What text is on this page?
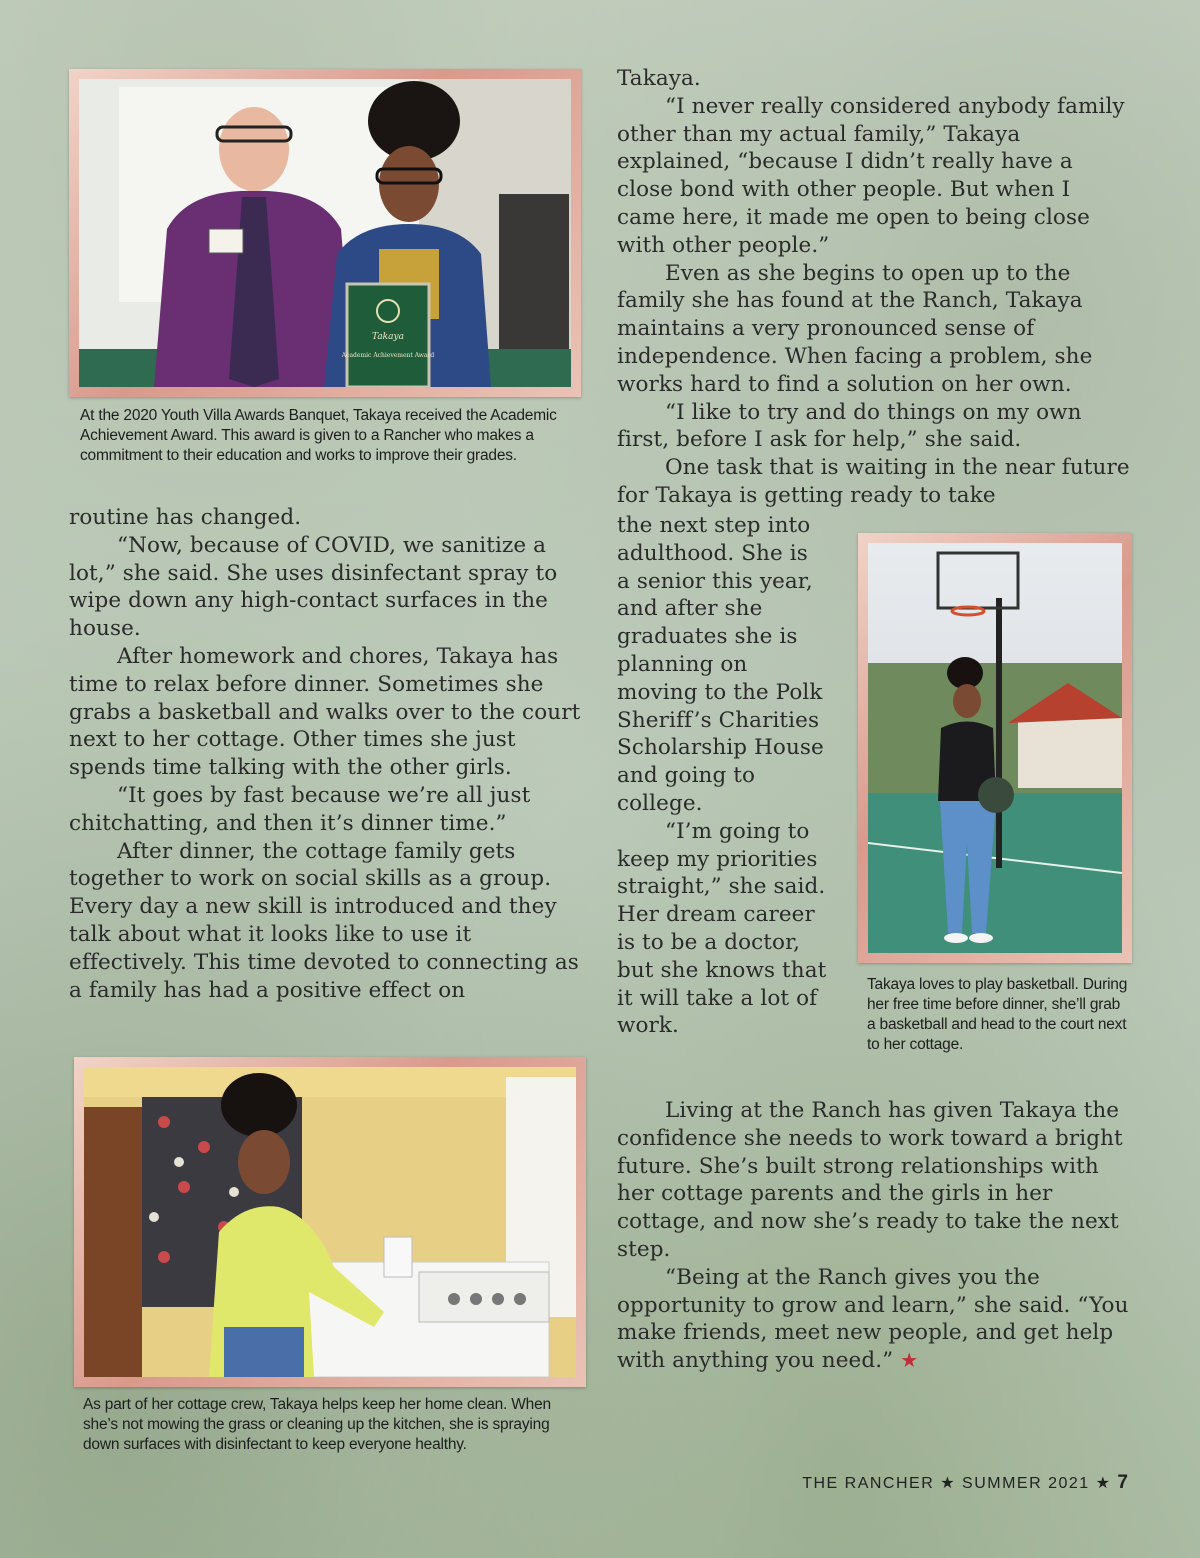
Takaya
Academic Achievement Award
At the 2020 Youth Villa Awards Banquet, Takaya received the Academic Achievement Award. This award is given to a Rancher who makes a commitment to their education and works to improve their grades.

routine has changed.

“Now, because of COVID, we sanitize a lot,” she said. She uses disinfectant spray to wipe down any high-contact surfaces in the house.

After homework and chores, Takaya has time to relax before dinner. Sometimes she grabs a basketball and walks over to the court next to her cottage. Other times she just spends time talking with the other girls.

“It goes by fast because we’re all just chitchatting, and then it’s dinner time.”

After dinner, the cottage family gets together to work on social skills as a group. Every day a new skill is introduced and they talk about what it looks like to use it effectively. This time devoted to connecting as a family has had a positive effect on

As part of her cottage crew, Takaya helps keep her home clean. When she’s not mowing the grass or cleaning up the kitchen, she is spraying down surfaces with disinfectant to keep everyone healthy.

Takaya.

“I never really considered anybody family other than my actual family,” Takaya explained, “because I didn’t really have a close bond with other people. But when I came here, it made me open to being close with other people.”

Even as she begins to open up to the family she has found at the Ranch, Takaya maintains a very pronounced sense of independence. When facing a problem, she works hard to find a solution on her own.

“I like to try and do things on my own first, before I ask for help,” she said.

One task that is waiting in the near future for Takaya is getting ready to take

the next step into adulthood. She is a senior this year, and after she graduates she is planning on moving to the Polk Sheriff’s Charities Scholarship House and going to college.

“I’m going to keep my priorities straight,” she said. Her dream career is to be a doctor, but she knows that it will take a lot of work.

Takaya loves to play basketball. During her free time before dinner, she’ll grab a basketball and head to the court next to her cottage.

Living at the Ranch has given Takaya the confidence she needs to work toward a bright future. She’s built strong relationships with her cottage parents and the girls in her cottage, and now she’s ready to take the next step.

“Being at the Ranch gives you the opportunity to grow and learn,” she said. “You make friends, meet new people, and get help with anything you need.” ★

THE RANCHER ★ SUMMER 2021 ★ 7
